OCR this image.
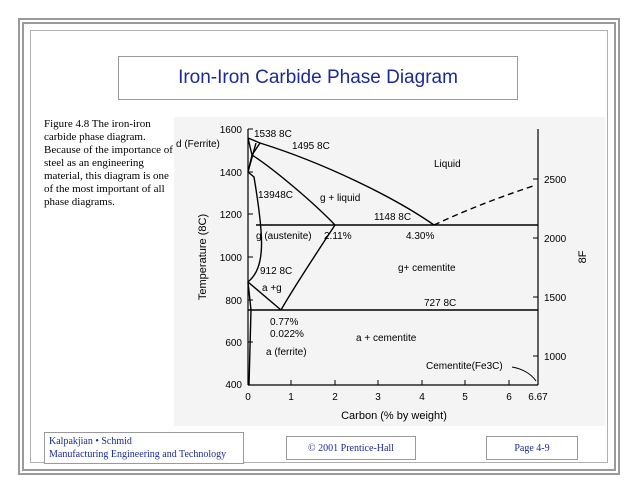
Iron-Iron Carbide Phase Diagram
Figure 4.8 The iron-iron carbide phase diagram. Because of the importance of steel as an engineering material, this diagram is one of the most important of all phase diagrams.
1600
1400
1200
1000
800
600
400
2500
2000
1500
1000
0	1	2	3	4	5	6 6.67
Temperature (8C)	8F
Carbon (% by weight)
1538 8C
d (Ferrite)	1495 8C
Liquid
13948C	g + liquid
1148 8C
g (austenite) 2.11%	4.30%
912 8C
a +g
g+ cementite
727 8C
0.77%
0.022%
a (ferrite)
a + cementite
Cementite(Fe3C)
Kalpakjian • Schmid
Manufacturing Engineering and Technology
© 2001 Prentice-Hall	Page 4-9
